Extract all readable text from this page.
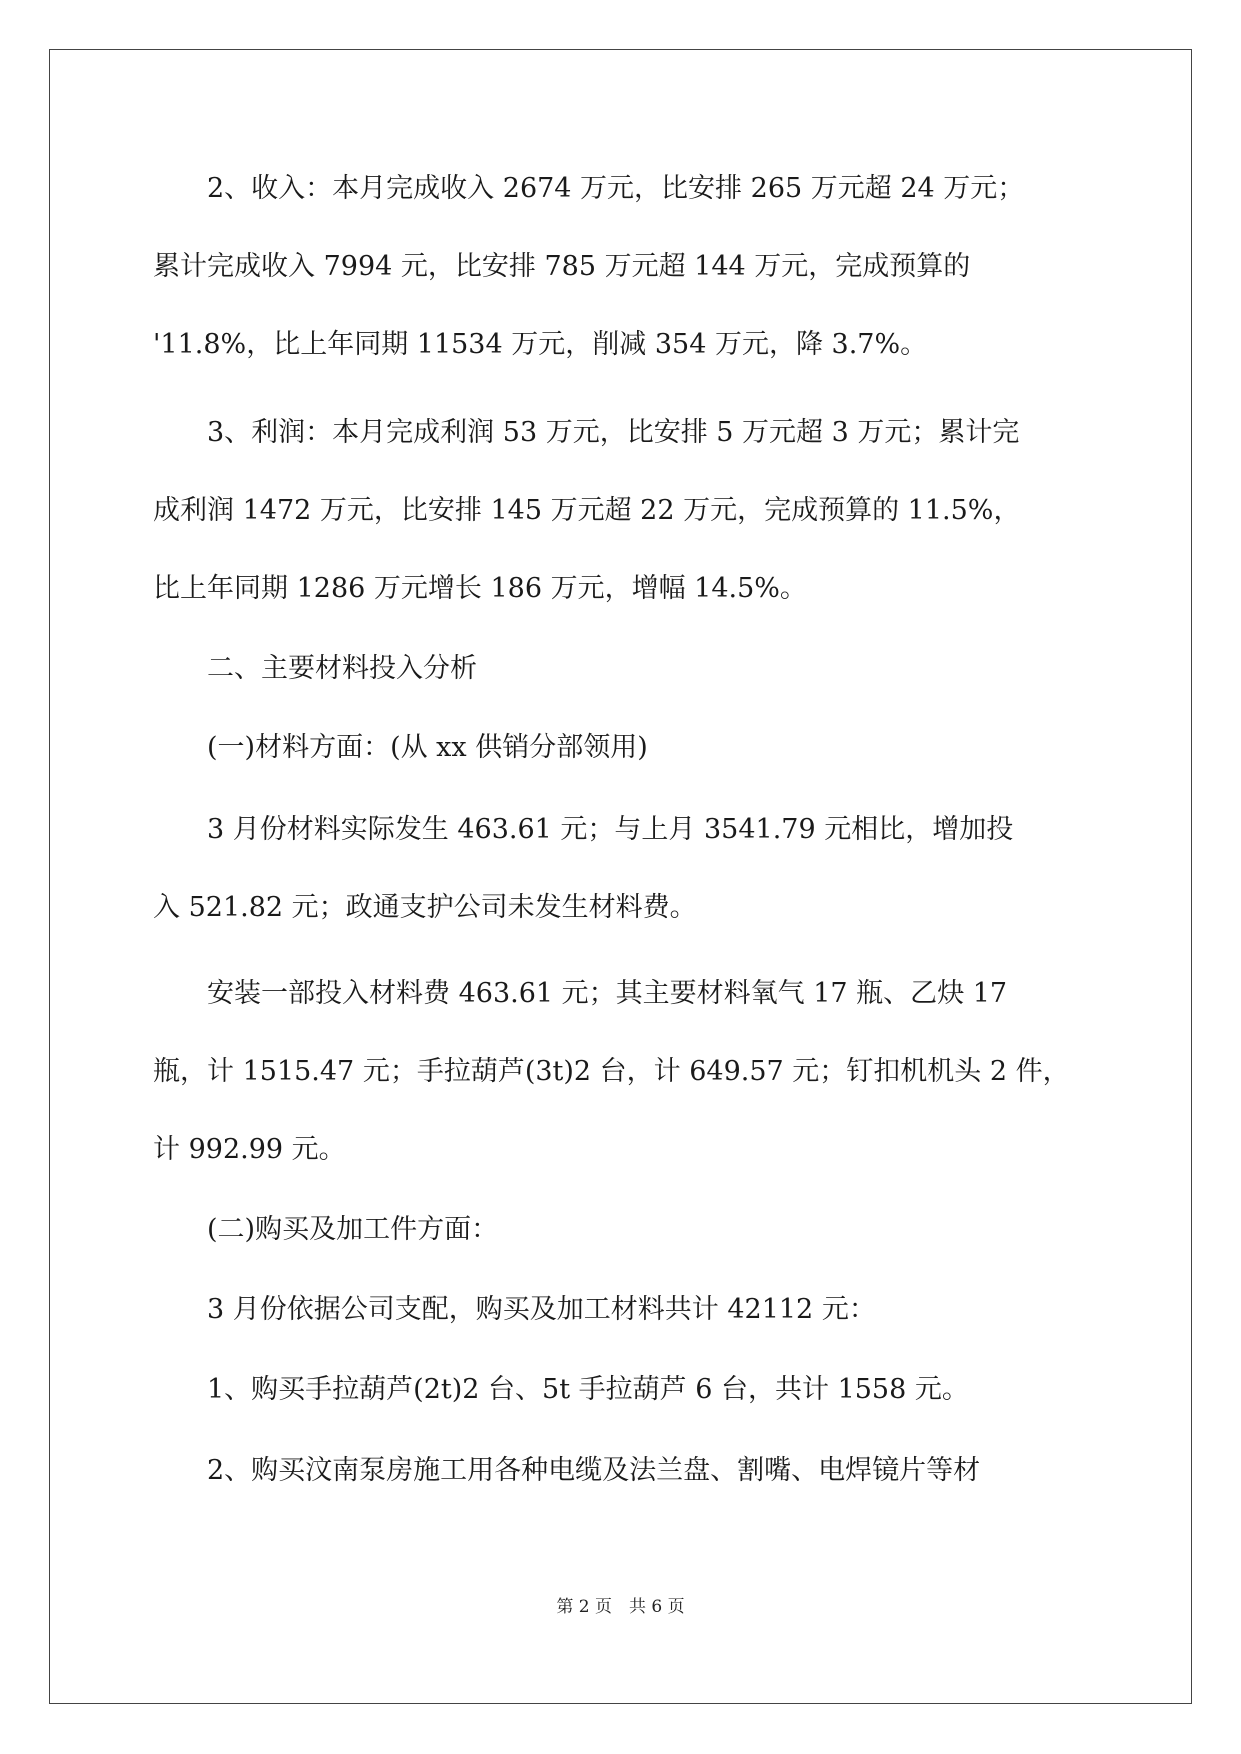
　　2、收入：本月完成收入 2674 万元，比安排 265 万元超 24 万元；
累计完成收入 7994 元，比安排 785 万元超 144 万元，完成预算的
'11.8%，比上年同期 11534 万元，削减 354 万元，降 3.7%。
　　3、利润：本月完成利润 53 万元，比安排 5 万元超 3 万元；累计完
成利润 1472 万元，比安排 145 万元超 22 万元，完成预算的 11.5%，
比上年同期 1286 万元增长 186 万元，增幅 14.5%。
　　二、主要材料投入分析
　　(一)材料方面：(从 xx 供销分部领用)
　　3 月份材料实际发生 463.61 元；与上月 3541.79 元相比，增加投
入 521.82 元；政通支护公司未发生材料费。
　　安装一部投入材料费 463.61 元；其主要材料氧气 17 瓶、乙炔 17
瓶，计 1515.47 元；手拉葫芦(3t)2 台，计 649.57 元；钉扣机机头 2 件，
计 992.99 元。
　　(二)购买及加工件方面：
　　3 月份依据公司支配，购买及加工材料共计 42112 元：
　　1、购买手拉葫芦(2t)2 台、5t 手拉葫芦 6 台，共计 1558 元。
　　2、购买汶南泵房施工用各种电缆及法兰盘、割嘴、电焊镜片等材
第 2 页　共 6 页
